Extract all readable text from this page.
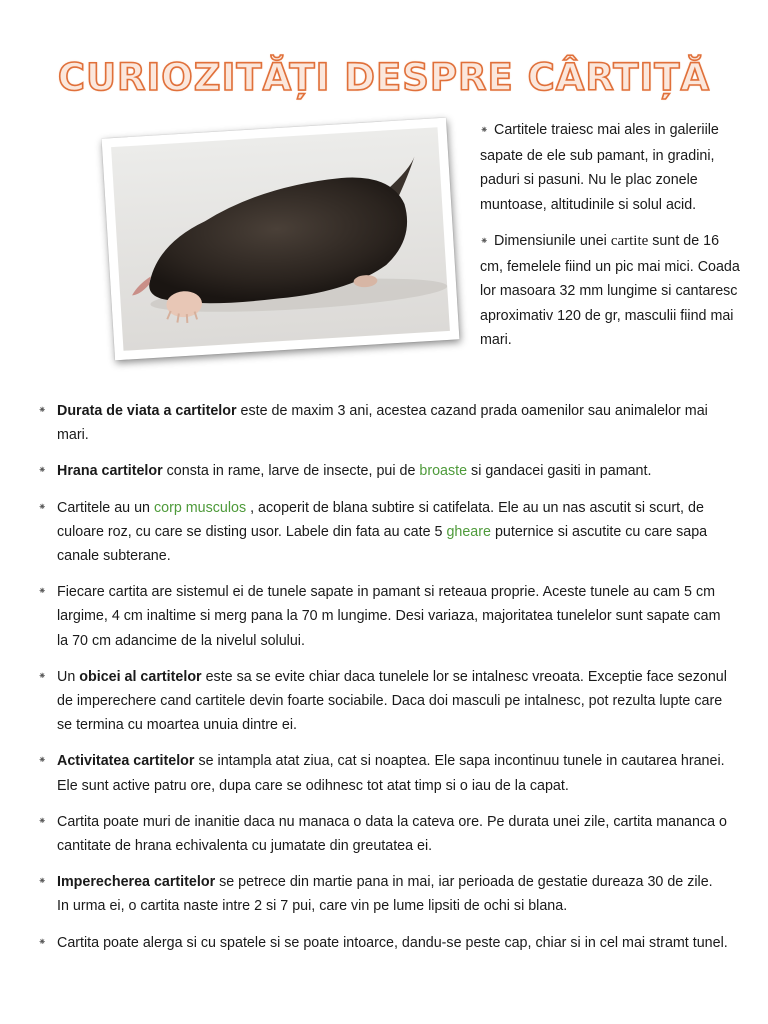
CURIOZITĂȚI DESPRE CÂRTIȚĂ

⁕ Cartitele traiesc mai ales in galeriile sapate de ele sub pamant, in gradini, paduri si pasuni. Nu le plac zonele muntoase, altitudinile si solul acid.

⁕ Dimensiunile unei cartite sunt de 16 cm, femelele fiind un pic mai mici. Coada lor masoara 32 mm lungime si cantaresc aproximativ 120 de gr, masculii fiind mai mari.

⁕ Durata de viata a cartitelor este de maxim 3 ani, acestea cazand prada oamenilor sau animalelor mai mari.
⁕ Hrana cartitelor consta in rame, larve de insecte, pui de broaste si gandacei gasiti in pamant.
⁕ Cartitele au un corp musculos , acoperit de blana subtire si catifelata. Ele au un nas ascutit si scurt, de culoare roz, cu care se disting usor. Labele din fata au cate 5 gheare puternice si ascutite cu care sapa canale subterane.
⁕ Fiecare cartita are sistemul ei de tunele sapate in pamant si reteaua proprie. Aceste tunele au cam 5 cm largime, 4 cm inaltime si merg pana la 70 m lungime. Desi variaza, majoritatea tunelelor sunt sapate cam la 70 cm adancime de la nivelul solului.
⁕ Un obicei al cartitelor este sa se evite chiar daca tunelele lor se intalnesc vreoata. Exceptie face sezonul de imperechere cand cartitele devin foarte sociabile. Daca doi masculi pe intalnesc, pot rezulta lupte care se termina cu moartea unuia dintre ei.
⁕ Activitatea cartitelor se intampla atat ziua, cat si noaptea. Ele sapa incontinuu tunele in cautarea hranei. Ele sunt active patru ore, dupa care se odihnesc tot atat timp si o iau de la capat.
⁕ Cartita poate muri de inanitie daca nu manaca o data la cateva ore. Pe durata unei zile, cartita mananca o cantitate de hrana echivalenta cu jumatate din greutatea ei.
⁕ Imperecherea cartitelor se petrece din martie pana in mai, iar perioada de gestatie dureaza 30 de zile. In urma ei, o cartita naste intre 2 si 7 pui, care vin pe lume lipsiti de ochi si blana.
⁕ Cartita poate alerga si cu spatele si se poate intoarce, dandu-se peste cap, chiar si in cel mai stramt tunel.
